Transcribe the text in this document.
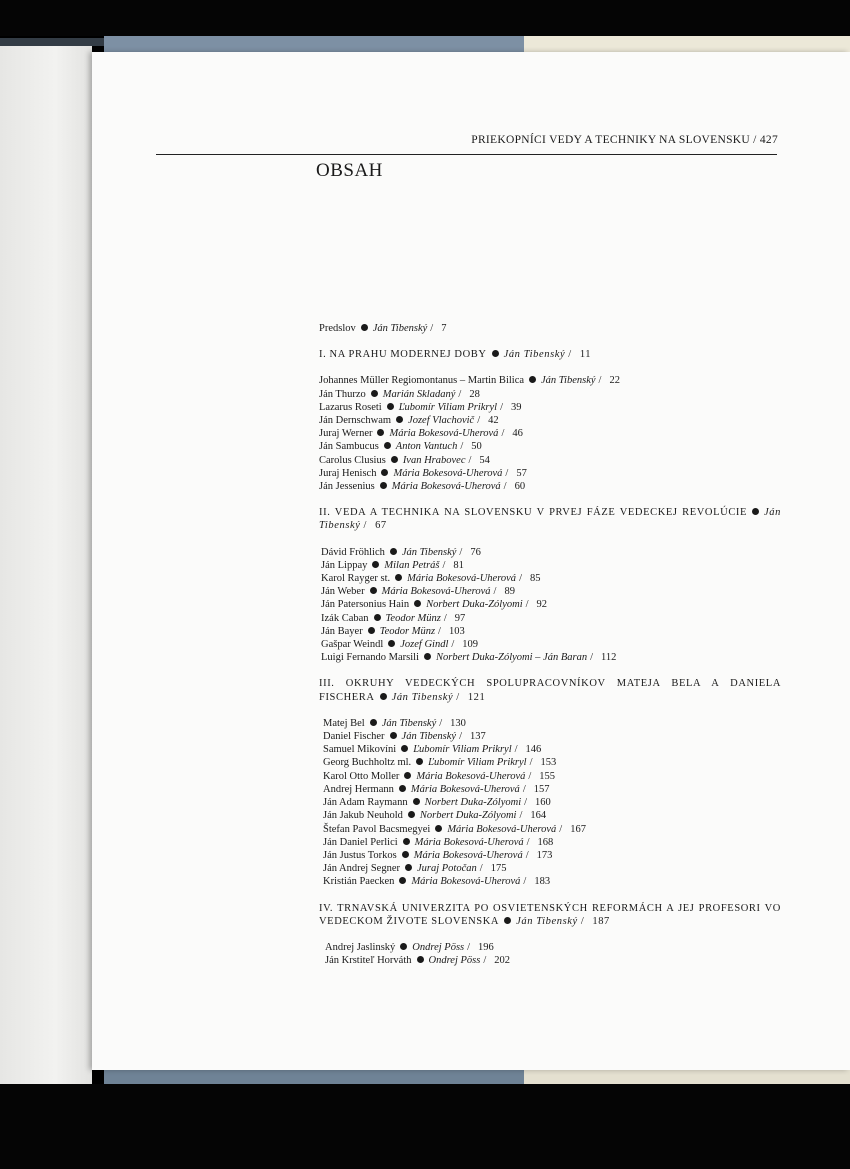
PRIEKOPNÍCI VEDY A TECHNIKY NA SLOVENSKU / 427
OBSAH
Predslov Ján Tibenský / 7
I. NA PRAHU MODERNEJ DOBY Ján Tibenský / 11
Johannes Müller Regiomontanus – Martin Bilica Ján Tibenský / 22
Ján Thurzo Marián Skladaný / 28
Lazarus Roseti Ľubomír Viliam Prikryl / 39
Ján Dernschwam Jozef Vlachovič / 42
Juraj Werner Mária Bokesová-Uherová / 46
Ján Sambucus Anton Vantuch / 50
Carolus Clusius Ivan Hrabovec / 54
Juraj Henisch Mária Bokesová-Uherová / 57
Ján Jessenius Mária Bokesová-Uherová / 60
II. VEDA A TECHNIKA NA SLOVENSKU V PRVEJ FÁZE VEDECKEJ REVOLÚCIE Ján Tibenský / 67
Dávid Fröhlich Ján Tibenský / 76
Ján Lippay Milan Petráš / 81
Karol Rayger st. Mária Bokesová-Uherová / 85
Ján Weber Mária Bokesová-Uherová / 89
Ján Patersonius Hain Norbert Duka-Zólyomi / 92
Izák Caban Teodor Münz / 97
Ján Bayer Teodor Münz / 103
Gašpar Weindl Jozef Gindl / 109
Luigi Fernando Marsili Norbert Duka-Zólyomi – Ján Baran / 112
III. OKRUHY VEDECKÝCH SPOLUPRACOVNÍKOV MATEJA BELA A DANIELA FISCHERA Ján Tibenský / 121
Matej Bel Ján Tibenský / 130
Daniel Fischer Ján Tibenský / 137
Samuel Mikovíni Ľubomír Viliam Prikryl / 146
Georg Buchholtz ml. Ľubomír Viliam Prikryl / 153
Karol Otto Moller Mária Bokesová-Uherová / 155
Andrej Hermann Mária Bokesová-Uherová / 157
Ján Adam Raymann Norbert Duka-Zólyomi / 160
Ján Jakub Neuhold Norbert Duka-Zólyomi / 164
Štefan Pavol Bacsmegyei Mária Bokesová-Uherová / 167
Ján Daniel Perlici Mária Bokesová-Uherová / 168
Ján Justus Torkos Mária Bokesová-Uherová / 173
Ján Andrej Segner Juraj Potočan / 175
Kristián Paecken Mária Bokesová-Uherová / 183
IV. TRNAVSKÁ UNIVERZITA PO OSVIETENSKÝCH REFORMÁCH A JEJ PROFESORI VO VEDECKOM ŽIVOTE SLOVENSKA Ján Tibenský / 187
Andrej Jaslinský Ondrej Pöss / 196
Ján Krstiteľ Horváth Ondrej Pöss / 202
